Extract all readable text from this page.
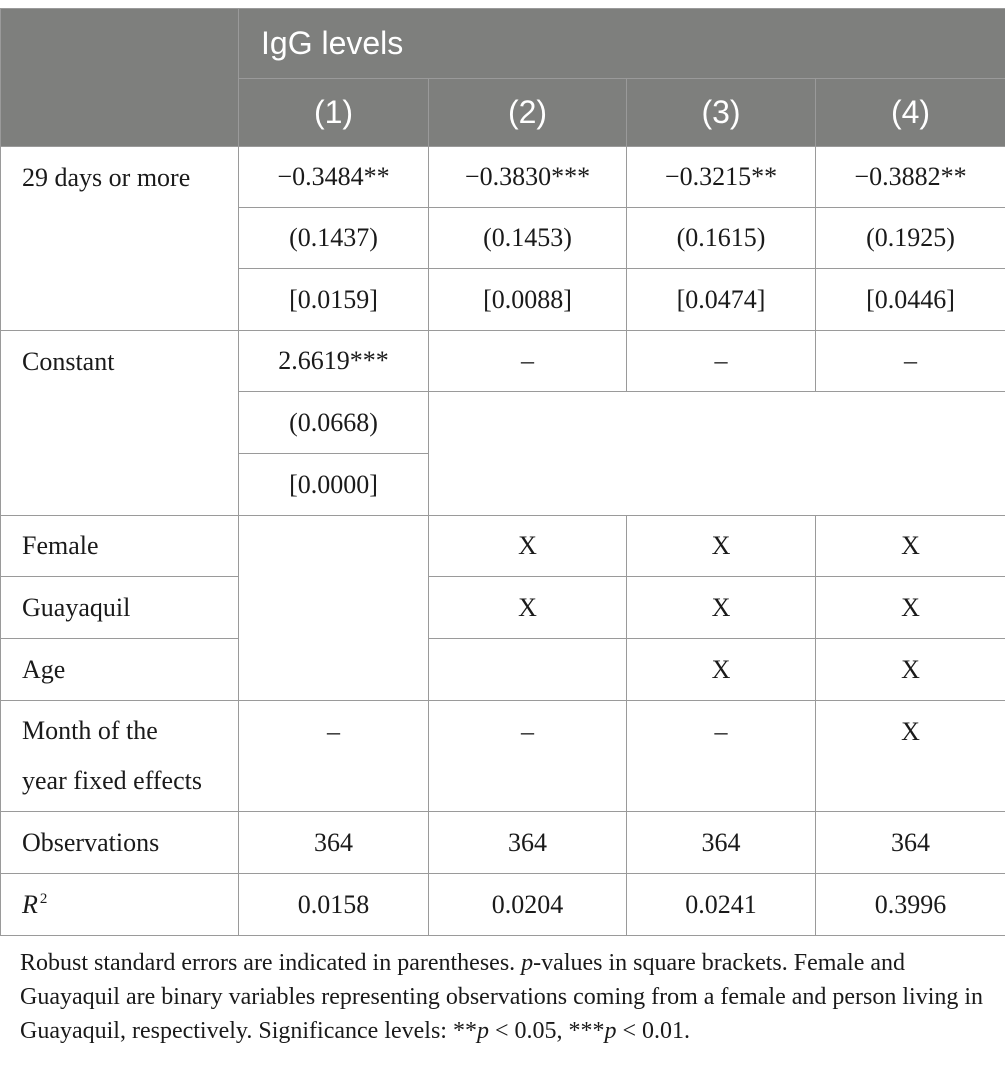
	IgG levels			
	(1)	(2)	(3)	(4)
29 days or more	−0.3484**	−0.3830***	−0.3215**	−0.3882**
	(0.1437)	(0.1453)	(0.1615)	(0.1925)
	[0.0159]	[0.0088]	[0.0474]	[0.0446]
Constant	2.6619***	–	–	–
	(0.0668)			
	[0.0000]			
Female		X	X	X
Guayaquil		X	X	X
Age			X	X
Month of the
year fixed effects	–	–	–	X
Observations	364	364	364	364
R $^2$	0.0158	0.0204	0.0241	0.3996
Robust standard errors are indicated in parentheses. p-values in square brackets. Female and Guayaquil are binary variables representing observations coming from a female and person living in Guayaquil, respectively. Significance levels: **p < 0.05, ***p < 0.01.
